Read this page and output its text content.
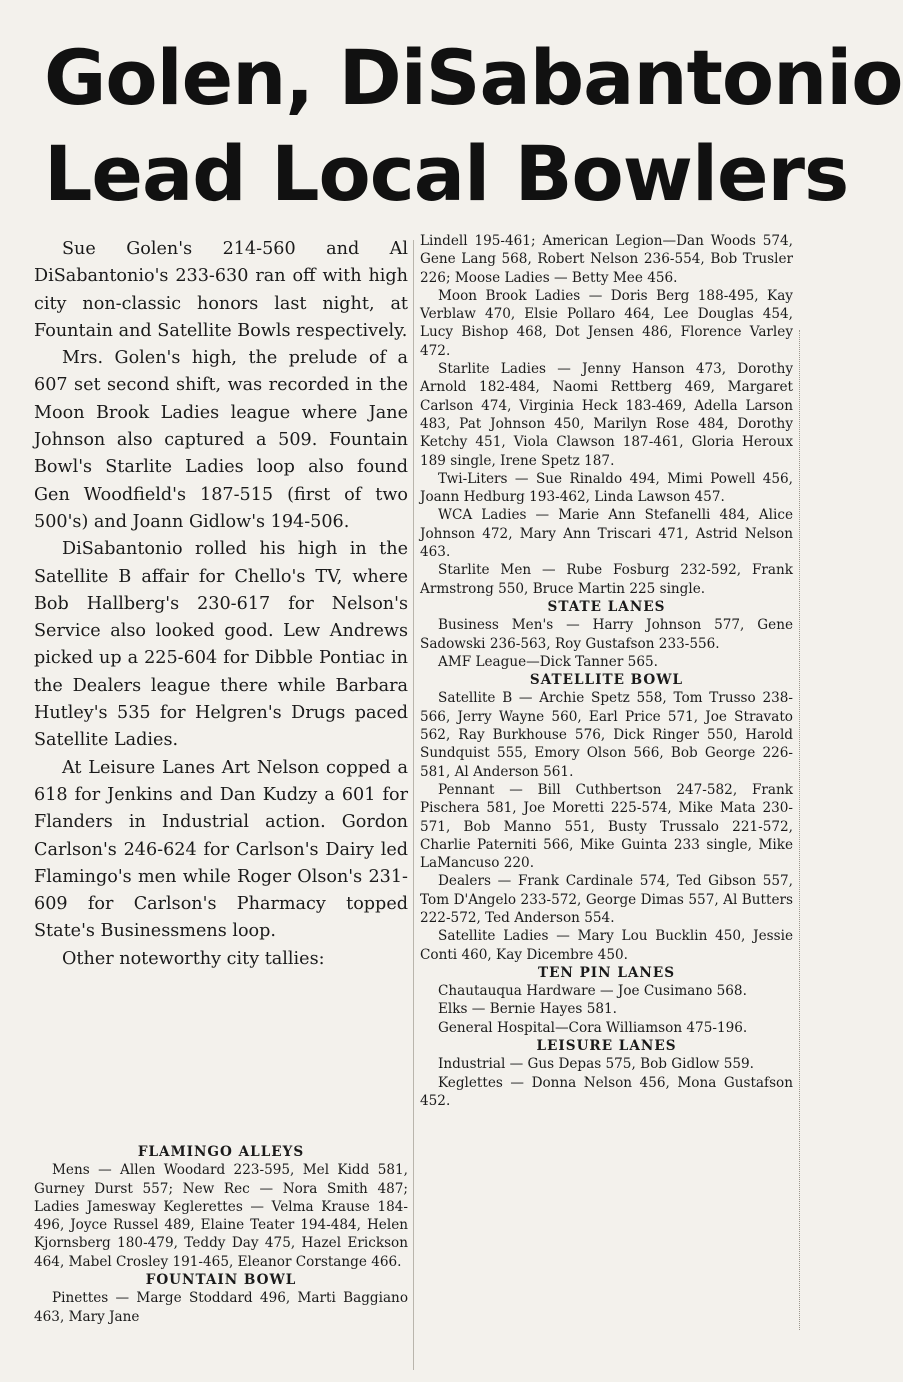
Golen, DiSabantonio
Lead Local Bowlers

Sue Golen's 214-560 and Al DiSabantonio's 233-630 ran off with high city non-classic honors last night, at Fountain and Satellite Bowls respectively.

Mrs. Golen's high, the prelude of a 607 set second shift, was recorded in the Moon Brook Ladies league where Jane Johnson also captured a 509. Fountain Bowl's Starlite Ladies loop also found Gen Woodfield's 187-515 (first of two 500's) and Joann Gidlow's 194-506.

DiSabantonio rolled his high in the Satellite B affair for Chello's TV, where Bob Hallberg's 230-617 for Nelson's Service also looked good. Lew Andrews picked up a 225-604 for Dibble Pontiac in the Dealers league there while Barbara Hutley's 535 for Helgren's Drugs paced Satellite Ladies.

At Leisure Lanes Art Nelson copped a 618 for Jenkins and Dan Kudzy a 601 for Flanders in Industrial action. Gordon Carlson's 246-624 for Carlson's Dairy led Flamingo's men while Roger Olson's 231-609 for Carlson's Pharmacy topped State's Businessmens loop.

Other noteworthy city tallies:

FLAMINGO ALLEYS

Mens — Allen Woodard 223-595, Mel Kidd 581, Gurney Durst 557; New Rec — Nora Smith 487; Ladies Jamesway Keglerettes — Velma Krause 184-496, Joyce Russel 489, Elaine Teater 194-484, Helen Kjornsberg 180-479, Teddy Day 475, Hazel Erickson 464, Mabel Crosley 191-465, Eleanor Corstange 466.

FOUNTAIN BOWL

Pinettes — Marge Stoddard 496, Marti Baggiano 463, Mary Jane

Lindell 195-461; American Legion—Dan Woods 574, Gene Lang 568, Robert Nelson 236-554, Bob Trusler 226; Moose Ladies — Betty Mee 456.

Moon Brook Ladies — Doris Berg 188-495, Kay Verblaw 470, Elsie Pollaro 464, Lee Douglas 454, Lucy Bishop 468, Dot Jensen 486, Florence Varley 472.

Starlite Ladies — Jenny Hanson 473, Dorothy Arnold 182-484, Naomi Rettberg 469, Margaret Carlson 474, Virginia Heck 183-469, Adella Larson 483, Pat Johnson 450, Marilyn Rose 484, Dorothy Ketchy 451, Viola Clawson 187-461, Gloria Heroux 189 single, Irene Spetz 187.

Twi-Liters — Sue Rinaldo 494, Mimi Powell 456, Joann Hedburg 193-462, Linda Lawson 457.

WCA Ladies — Marie Ann Stefanelli 484, Alice Johnson 472, Mary Ann Triscari 471, Astrid Nelson 463.

Starlite Men — Rube Fosburg 232-592, Frank Armstrong 550, Bruce Martin 225 single.

STATE LANES

Business Men's — Harry Johnson 577, Gene Sadowski 236-563, Roy Gustafson 233-556.

AMF League—Dick Tanner 565.

SATELLITE BOWL

Satellite B — Archie Spetz 558, Tom Trusso 238-566, Jerry Wayne 560, Earl Price 571, Joe Stravato 562, Ray Burkhouse 576, Dick Ringer 550, Harold Sundquist 555, Emory Olson 566, Bob George 226-581, Al Anderson 561.

Pennant — Bill Cuthbertson 247-582, Frank Pischera 581, Joe Moretti 225-574, Mike Mata 230-571, Bob Manno 551, Busty Trussalo 221-572, Charlie Paterniti 566, Mike Guinta 233 single, Mike LaMancuso 220.

Dealers — Frank Cardinale 574, Ted Gibson 557, Tom D'Angelo 233-572, George Dimas 557, Al Butters 222-572, Ted Anderson 554.

Satellite Ladies — Mary Lou Bucklin 450, Jessie Conti 460, Kay Dicembre 450.

TEN PIN LANES

Chautauqua Hardware — Joe Cusimano 568.

Elks — Bernie Hayes 581.

General Hospital—Cora Williamson 475-196.

LEISURE LANES

Industrial — Gus Depas 575, Bob Gidlow 559.

Keglettes — Donna Nelson 456, Mona Gustafson 452.
